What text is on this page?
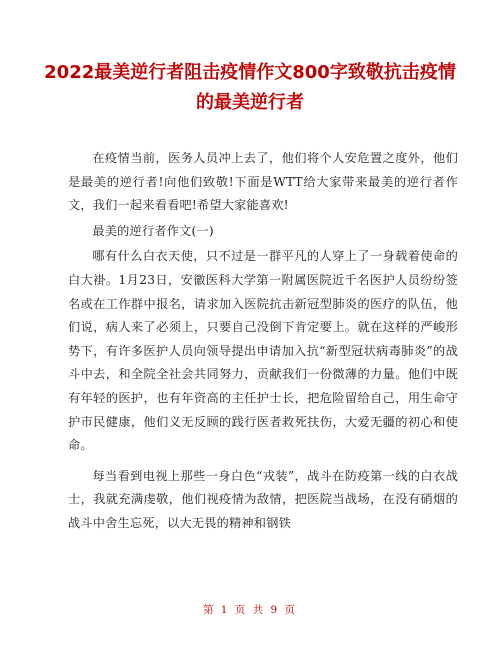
2022最美逆行者阻击疫情作文800字致敬抗击疫情的最美逆行者

在疫情当前，医务人员冲上去了，他们将个人安危置之度外，他们是最美的逆行者!向他们致敬!下面是WTT给大家带来最美的逆行者作文，我们一起来看看吧!希望大家能喜欢!

最美的逆行者作文(一)

哪有什么白衣天使，只不过是一群平凡的人穿上了一身载着使命的白大褂。1月23日，安徽医科大学第一附属医院近千名医护人员纷纷签名或在工作群中报名，请求加入医院抗击新冠型肺炎的医疗的队伍，他们说，病人来了必须上，只要自己没倒下肯定要上。就在这样的严峻形势下，有许多医护人员向领导提出申请加入抗“新型冠状病毒肺炎”的战斗中去，和全院全社会共同努力，贡献我们一份微薄的力量。他们中既有年轻的医护，也有年资高的主任护士长，把危险留给自己，用生命守护市民健康，他们义无反顾的践行医者救死扶伤，大爱无疆的初心和使命。

每当看到电视上那些一身白色“戎装”，战斗在防疫第一线的白衣战士，我就充满虔敬，他们视疫情为敌情，把医院当战场，在没有硝烟的战斗中舍生忘死，以大无畏的精神和钢铁

第 1 页 共 9 页
